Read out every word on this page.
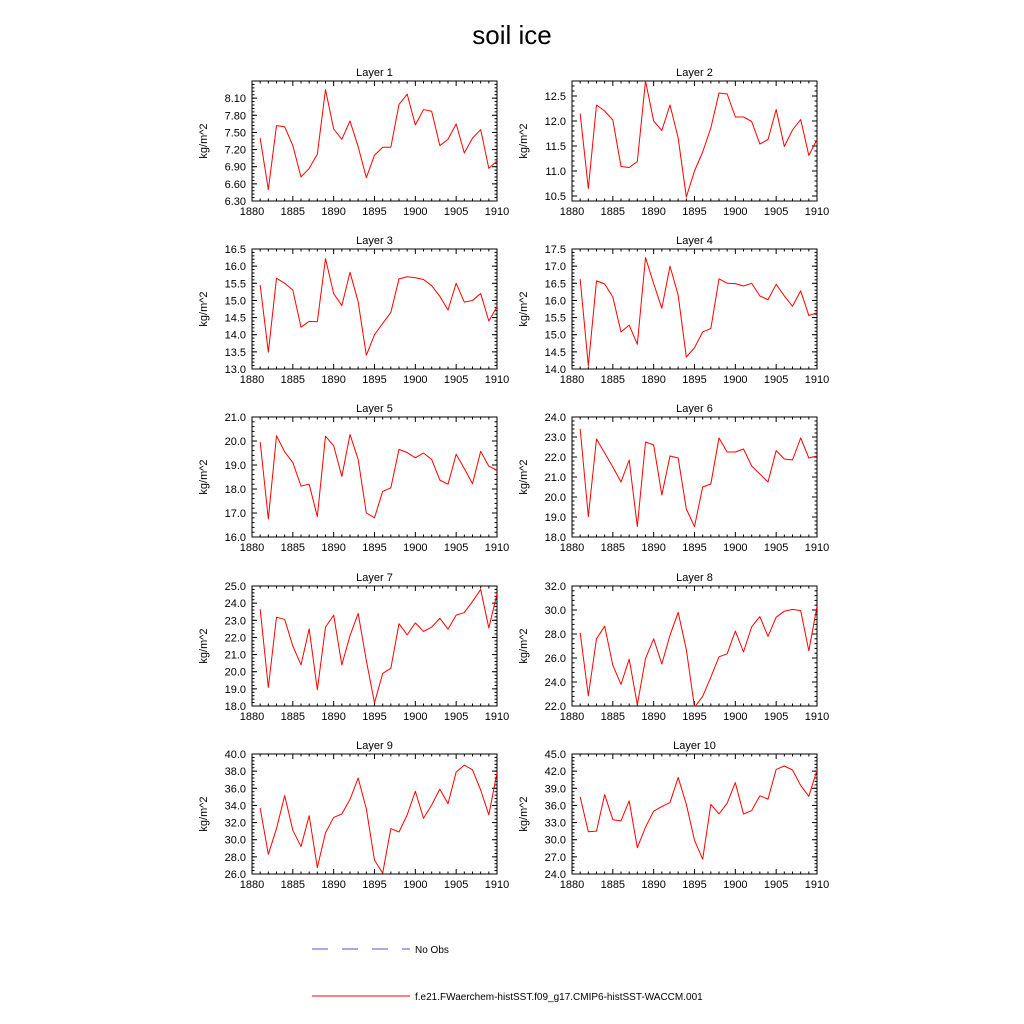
soil ice
Layer 1
kg/m^2
1880 1885 1890 1895 1900 1905 1910
6.30
6.60
6.90
7.20
7.50
7.80
8.10
Layer 2
kg/m^2
1880 1885 1890 1895 1900 1905 1910
10.5
11.0
11.5
12.0
12.5
Layer 3
kg/m^2
1880 1885 1890 1895 1900 1905 1910
13.0
13.5
14.0
14.5
15.0
15.5
16.0
16.5
Layer 4
kg/m^2
1880 1885 1890 1895 1900 1905 1910
14.0
14.5
15.0
15.5
16.0
16.5
17.0
17.5
Layer 5
kg/m^2
1880 1885 1890 1895 1900 1905 1910
16.0
17.0
18.0
19.0
20.0
21.0
Layer 6
kg/m^2
1880 1885 1890 1895 1900 1905 1910
18.0
19.0
20.0
21.0
22.0
23.0
24.0
Layer 7
kg/m^2
1880 1885 1890 1895 1900 1905 1910
18.0
19.0
20.0
21.0
22.0
23.0
24.0
25.0
Layer 8
kg/m^2
1880 1885 1890 1895 1900 1905 1910
22.0
24.0
26.0
28.0
30.0
32.0
Layer 9
kg/m^2
1880 1885 1890 1895 1900 1905 1910
26.0
28.0
30.0
32.0
34.0
36.0
38.0
40.0
Layer 10
kg/m^2
1880 1885 1890 1895 1900 1905 1910
24.0
27.0
30.0
33.0
36.0
39.0
42.0
45.0
No Obs
f.e21.FWaerchem-histSST.f09_g17.CMIP6-histSST-WACCM.001
